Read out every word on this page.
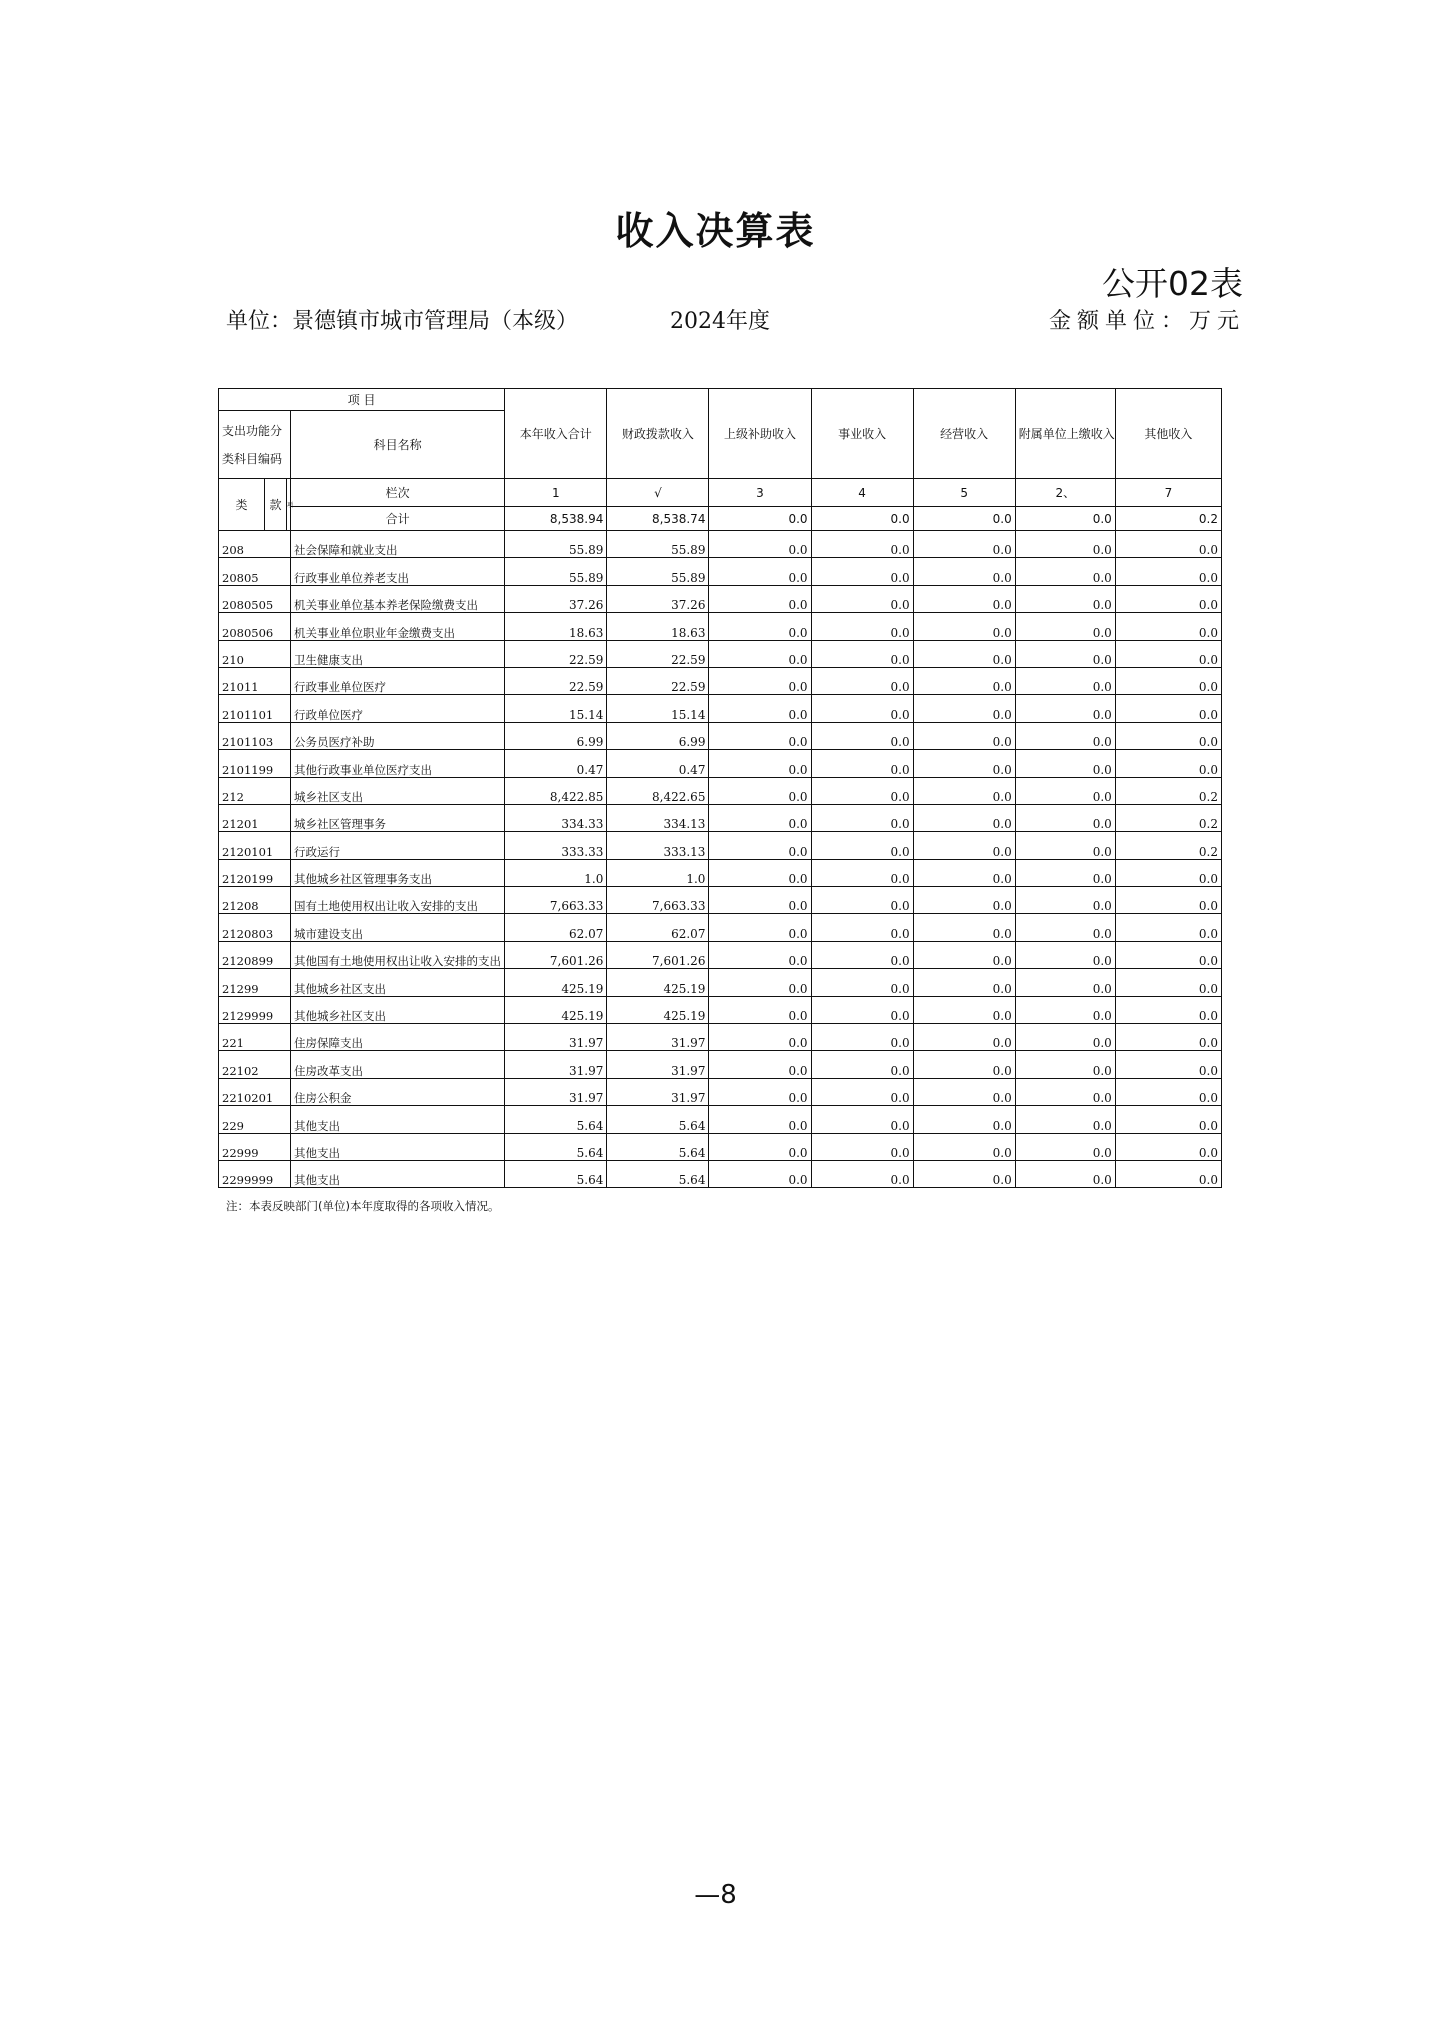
收入决算表
公开02表
单位：景德镇市城市管理局（本级）	2024年度	金额单位：万元
项 目				本年收入合计	财政拨款收入	上级补助收入	事业收入	经营收入	附属单位上缴收入	其他收入
支出功能分类科目编码			科目名称							
类	款	项	栏次	1	√	3	4	5	2、	7
			合计	8,538.94	8,538.74	0.0	0.0	0.0	0.0	0.2
208			社会保障和就业支出	55.89	55.89	0.0	0.0	0.0	0.0	0.0
20805			行政事业单位养老支出	55.89	55.89	0.0	0.0	0.0	0.0	0.0
2080505			机关事业单位基本养老保险缴费支出	37.26	37.26	0.0	0.0	0.0	0.0	0.0
2080506			机关事业单位职业年金缴费支出	18.63	18.63	0.0	0.0	0.0	0.0	0.0
210			卫生健康支出	22.59	22.59	0.0	0.0	0.0	0.0	0.0
21011			行政事业单位医疗	22.59	22.59	0.0	0.0	0.0	0.0	0.0
2101101			行政单位医疗	15.14	15.14	0.0	0.0	0.0	0.0	0.0
2101103			公务员医疗补助	6.99	6.99	0.0	0.0	0.0	0.0	0.0
2101199			其他行政事业单位医疗支出	0.47	0.47	0.0	0.0	0.0	0.0	0.0
212			城乡社区支出	8,422.85	8,422.65	0.0	0.0	0.0	0.0	0.2
21201			城乡社区管理事务	334.33	334.13	0.0	0.0	0.0	0.0	0.2
2120101			行政运行	333.33	333.13	0.0	0.0	0.0	0.0	0.2
2120199			其他城乡社区管理事务支出	1.0	1.0	0.0	0.0	0.0	0.0	0.0
21208			国有土地使用权出让收入安排的支出	7,663.33	7,663.33	0.0	0.0	0.0	0.0	0.0
2120803			城市建设支出	62.07	62.07	0.0	0.0	0.0	0.0	0.0
2120899			其他国有土地使用权出让收入安排的支出	7,601.26	7,601.26	0.0	0.0	0.0	0.0	0.0
21299			其他城乡社区支出	425.19	425.19	0.0	0.0	0.0	0.0	0.0
2129999			其他城乡社区支出	425.19	425.19	0.0	0.0	0.0	0.0	0.0
221			住房保障支出	31.97	31.97	0.0	0.0	0.0	0.0	0.0
22102			住房改革支出	31.97	31.97	0.0	0.0	0.0	0.0	0.0
2210201			住房公积金	31.97	31.97	0.0	0.0	0.0	0.0	0.0
229			其他支出	5.64	5.64	0.0	0.0	0.0	0.0	0.0
22999			其他支出	5.64	5.64	0.0	0.0	0.0	0.0	0.0
2299999			其他支出	5.64	5.64	0.0	0.0	0.0	0.0	0.0
注：本表反映部门(单位)本年度取得的各项收入情况。
—8
